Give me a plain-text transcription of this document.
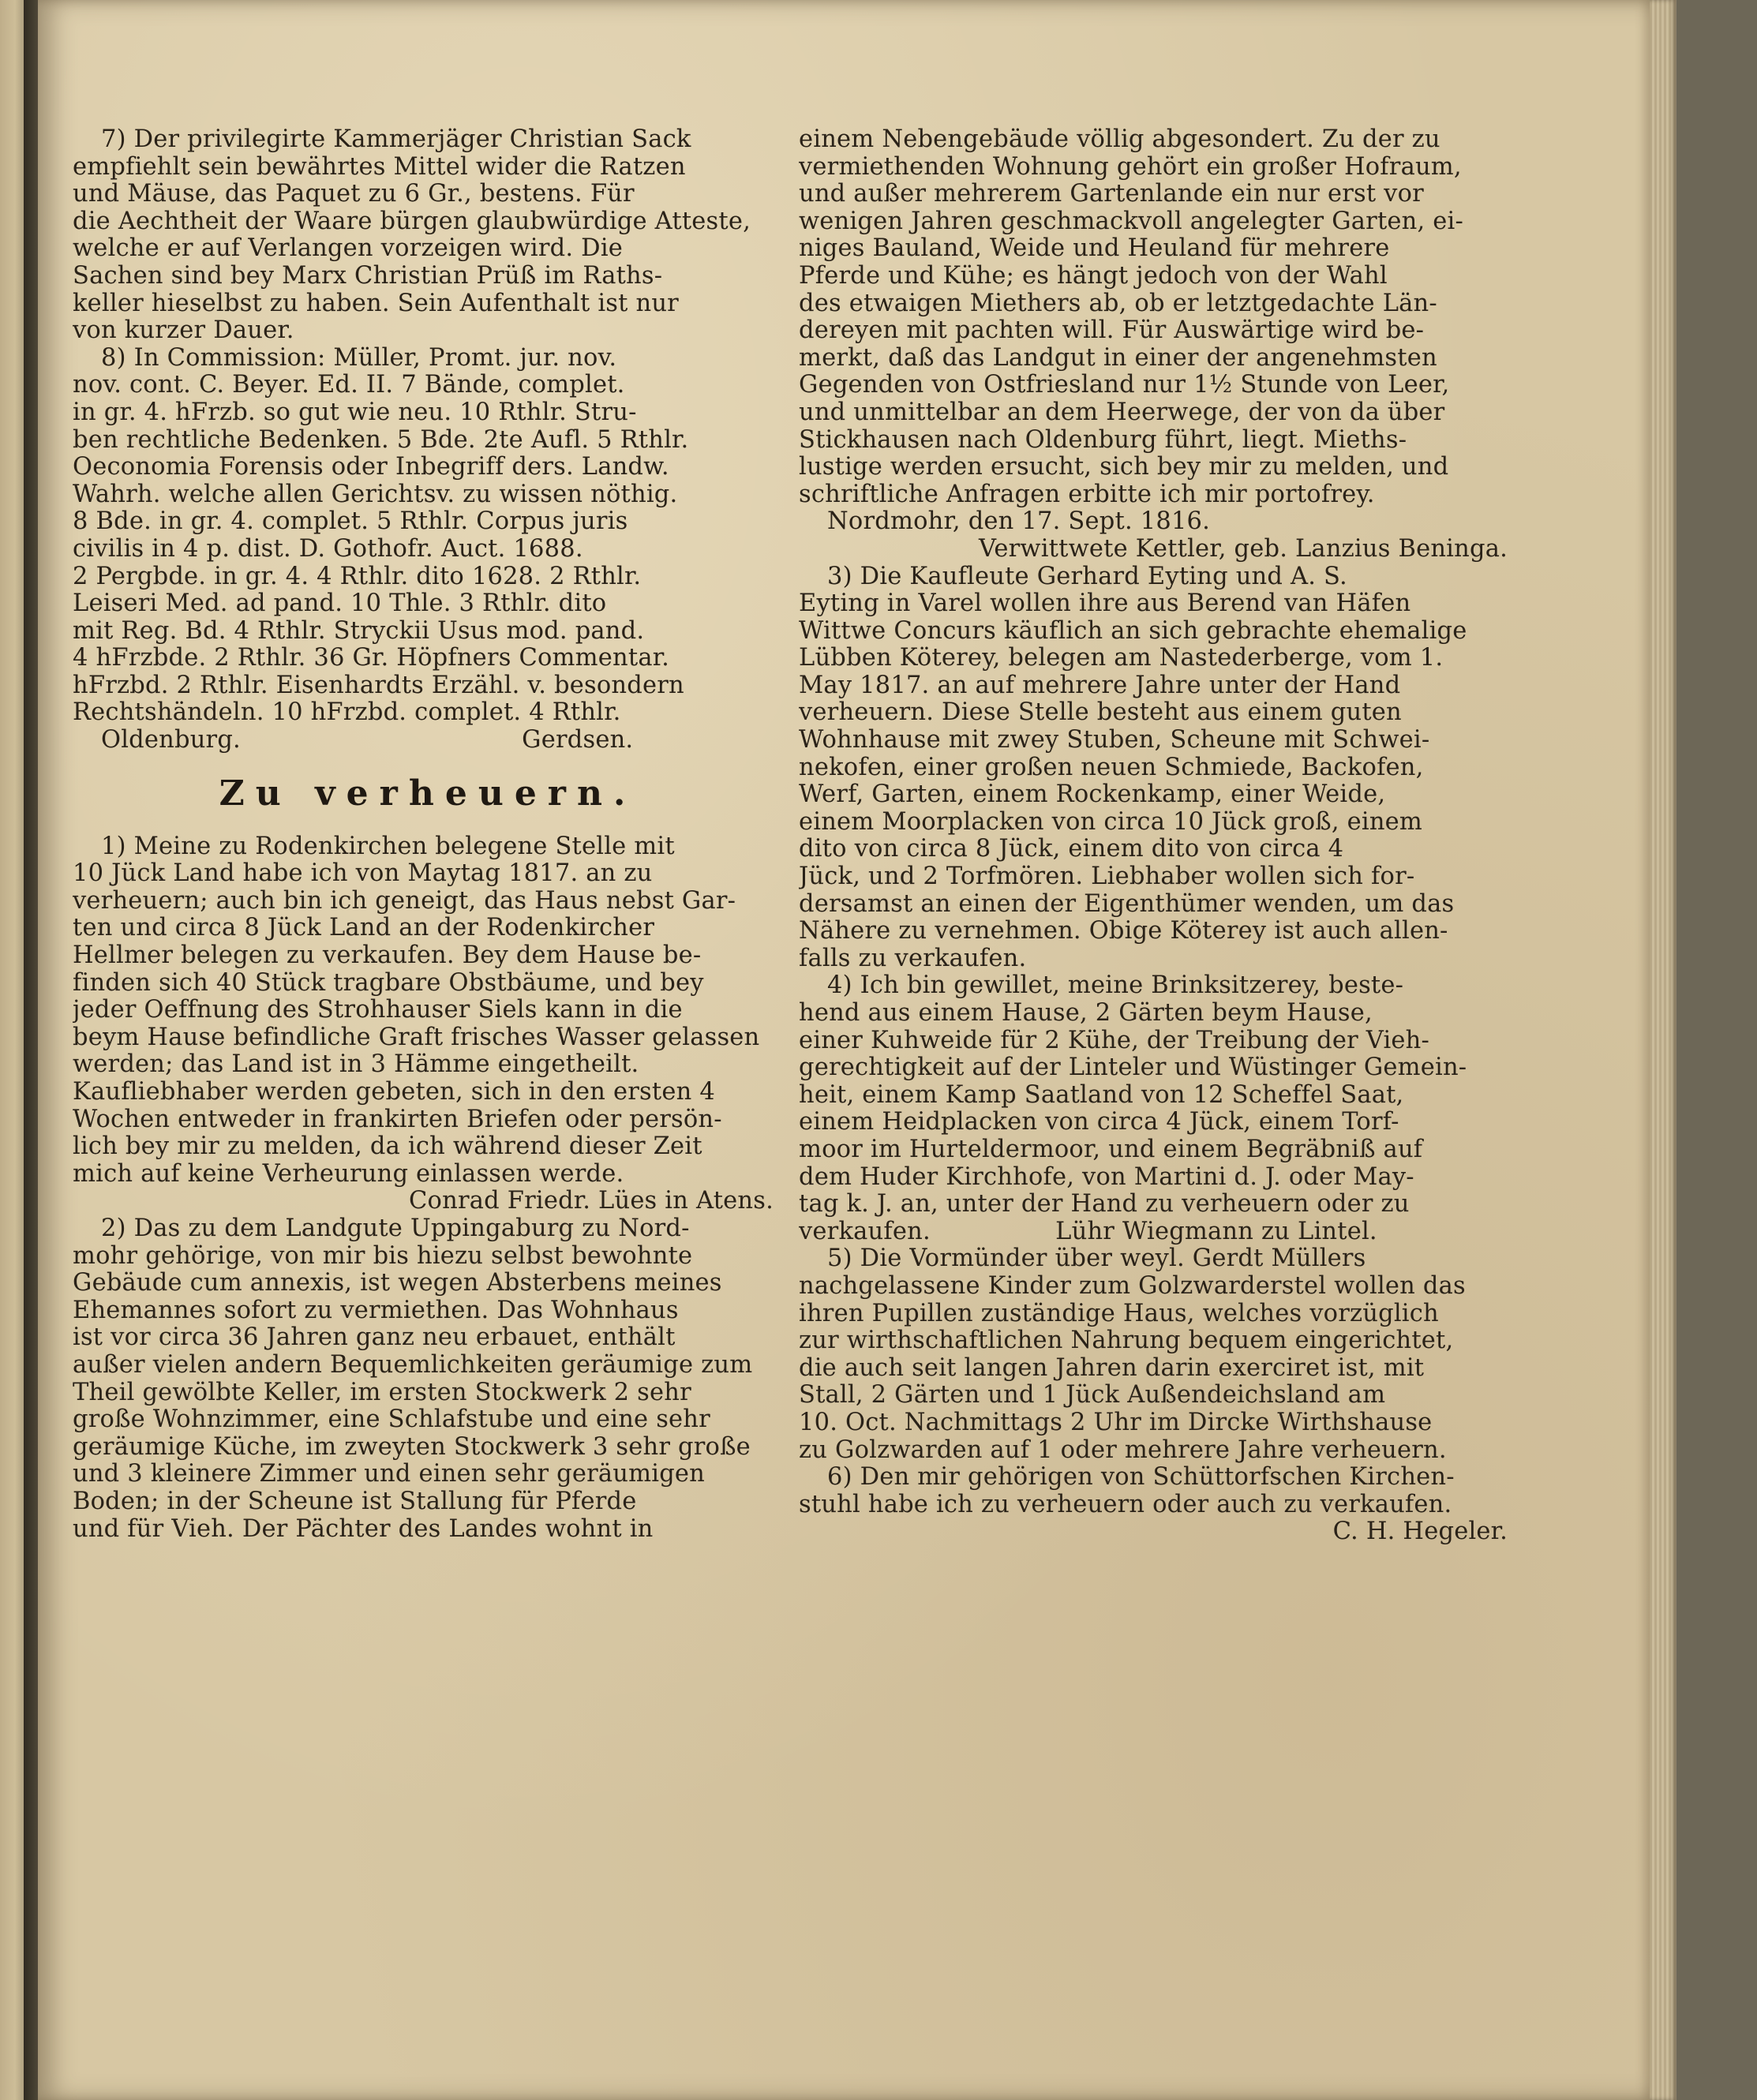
7) Der privilegirte Kammerjäger Christian Sack
empfiehlt sein bewährtes Mittel wider die Ratzen
und Mäuse, das Paquet zu 6 Gr., bestens. Für
die Aechtheit der Waare bürgen glaubwürdige Atteste,
welche er auf Verlangen vorzeigen wird. Die
Sachen sind bey Marx Christian Prüß im Raths-
keller hieselbst zu haben. Sein Aufenthalt ist nur
von kurzer Dauer.
8) In Commission: Müller, Promt. jur. nov.
nov. cont. C. Beyer. Ed. II. 7 Bände, complet.
in gr. 4. hFrzb. so gut wie neu. 10 Rthlr. Stru-
ben rechtliche Bedenken. 5 Bde. 2te Aufl. 5 Rthlr.
Oeconomia Forensis oder Inbegriff ders. Landw.
Wahrh. welche allen Gerichtsv. zu wissen nöthig.
8 Bde. in gr. 4. complet. 5 Rthlr. Corpus juris
civilis in 4 p. dist. D. Gothofr. Auct. 1688.
2 Pergbde. in gr. 4. 4 Rthlr. dito 1628. 2 Rthlr.
Leiseri Med. ad pand. 10 Thle. 3 Rthlr. dito
mit Reg. Bd. 4 Rthlr. Stryckii Usus mod. pand.
4 hFrzbde. 2 Rthlr. 36 Gr. Höpfners Commentar.
hFrzbd. 2 Rthlr. Eisenhardts Erzähl. v. besondern
Rechtshändeln. 10 hFrzbd. complet. 4 Rthlr.
Oldenburg.                                    Gerdsen.
Zu verheuern.
1) Meine zu Rodenkirchen belegene Stelle mit
10 Jück Land habe ich von Maytag 1817. an zu
verheuern; auch bin ich geneigt, das Haus nebst Gar-
ten und circa 8 Jück Land an der Rodenkircher
Hellmer belegen zu verkaufen. Bey dem Hause be-
finden sich 40 Stück tragbare Obstbäume, und bey
jeder Oeffnung des Strohhauser Siels kann in die
beym Hause befindliche Graft frisches Wasser gelassen
werden; das Land ist in 3 Hämme eingetheilt.
Kaufliebhaber werden gebeten, sich in den ersten 4
Wochen entweder in frankirten Briefen oder persön-
lich bey mir zu melden, da ich während dieser Zeit
mich auf keine Verheurung einlassen werde.
Conrad Friedr. Lües in Atens.
2) Das zu dem Landgute Uppingaburg zu Nord-
mohr gehörige, von mir bis hiezu selbst bewohnte
Gebäude cum annexis, ist wegen Absterbens meines
Ehemannes sofort zu vermiethen. Das Wohnhaus
ist vor circa 36 Jahren ganz neu erbauet, enthält
außer vielen andern Bequemlichkeiten geräumige zum
Theil gewölbte Keller, im ersten Stockwerk 2 sehr
große Wohnzimmer, eine Schlafstube und eine sehr
geräumige Küche, im zweyten Stockwerk 3 sehr große
und 3 kleinere Zimmer und einen sehr geräumigen
Boden; in der Scheune ist Stallung für Pferde
und für Vieh. Der Pächter des Landes wohnt in
einem Nebengebäude völlig abgesondert. Zu der zu
vermiethenden Wohnung gehört ein großer Hofraum,
und außer mehrerem Gartenlande ein nur erst vor
wenigen Jahren geschmackvoll angelegter Garten, ei-
niges Bauland, Weide und Heuland für mehrere
Pferde und Kühe; es hängt jedoch von der Wahl
des etwaigen Miethers ab, ob er letztgedachte Län-
dereyen mit pachten will. Für Auswärtige wird be-
merkt, daß das Landgut in einer der angenehmsten
Gegenden von Ostfriesland nur 1½ Stunde von Leer,
und unmittelbar an dem Heerwege, der von da über
Stickhausen nach Oldenburg führt, liegt. Mieths-
lustige werden ersucht, sich bey mir zu melden, und
schriftliche Anfragen erbitte ich mir portofrey.
Nordmohr, den 17. Sept. 1816.
Verwittwete Kettler, geb. Lanzius Beninga.
3) Die Kaufleute Gerhard Eyting und A. S.
Eyting in Varel wollen ihre aus Berend van Häfen
Wittwe Concurs käuflich an sich gebrachte ehemalige
Lübben Köterey, belegen am Nastederberge, vom 1.
May 1817. an auf mehrere Jahre unter der Hand
verheuern. Diese Stelle besteht aus einem guten
Wohnhause mit zwey Stuben, Scheune mit Schwei-
nekofen, einer großen neuen Schmiede, Backofen,
Werf, Garten, einem Rockenkamp, einer Weide,
einem Moorplacken von circa 10 Jück groß, einem
dito von circa 8 Jück, einem dito von circa 4
Jück, und 2 Torfmören. Liebhaber wollen sich for-
dersamst an einen der Eigenthümer wenden, um das
Nähere zu vernehmen. Obige Köterey ist auch allen-
falls zu verkaufen.
4) Ich bin gewillet, meine Brinksitzerey, beste-
hend aus einem Hause, 2 Gärten beym Hause,
einer Kuhweide für 2 Kühe, der Treibung der Vieh-
gerechtigkeit auf der Linteler und Wüstinger Gemein-
heit, einem Kamp Saatland von 12 Scheffel Saat,
einem Heidplacken von circa 4 Jück, einem Torf-
moor im Hurteldermoor, und einem Begräbniß auf
dem Huder Kirchhofe, von Martini d. J. oder May-
tag k. J. an, unter der Hand zu verheuern oder zu
verkaufen.                Lühr Wiegmann zu Lintel.
5) Die Vormünder über weyl. Gerdt Müllers
nachgelassene Kinder zum Golzwarderstel wollen das
ihren Pupillen zuständige Haus, welches vorzüglich
zur wirthschaftlichen Nahrung bequem eingerichtet,
die auch seit langen Jahren darin exerciret ist, mit
Stall, 2 Gärten und 1 Jück Außendeichsland am
10. Oct. Nachmittags 2 Uhr im Dircke Wirthshause
zu Golzwarden auf 1 oder mehrere Jahre verheuern.
6) Den mir gehörigen von Schüttorfschen Kirchen-
stuhl habe ich zu verheuern oder auch zu verkaufen.
C. H. Hegeler.
